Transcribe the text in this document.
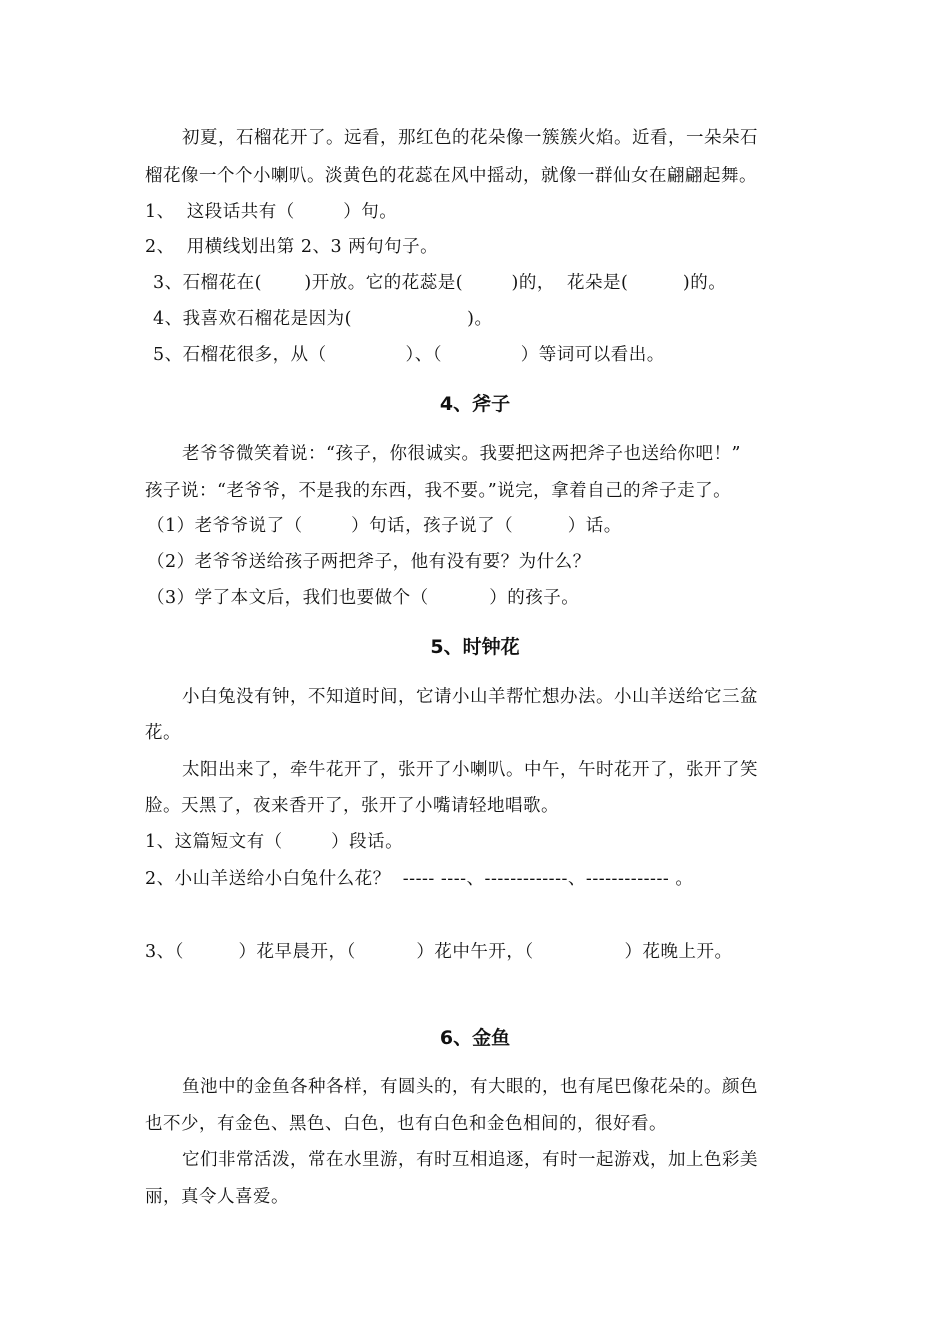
初夏，石榴花开了。远看，那红色的花朵像一簇簇火焰。近看，一朵朵石
榴花像一个个小喇叭。淡黄色的花蕊在风中摇动，就像一群仙女在翩翩起舞。
1、  这段话共有（        ）句。
2、  用横线划出第 2、3 两句句子。
3、石榴花在(       )开放。它的花蕊是(        )的，  花朵是(         )的。
4、我喜欢石榴花是因为(                   )。
5、石榴花很多，从（             ）、（             ）等词可以看出。
4、斧子
老爷爷微笑着说：“孩子，你很诚实。我要把这两把斧子也送给你吧！”
孩子说：“老爷爷，不是我的东西，我不要。”说完，拿着自己的斧子走了。
（1）老爷爷说了（        ）句话，孩子说了（         ）话。
（2）老爷爷送给孩子两把斧子，他有没有要？为什么？
（3）学了本文后，我们也要做个（          ）的孩子。
5、时钟花
小白兔没有钟，不知道时间，它请小山羊帮忙想办法。小山羊送给它三盆
花。
太阳出来了，牵牛花开了，张开了小喇叭。中午，午时花开了，张开了笑
脸。天黑了，夜来香开了，张开了小嘴请轻地唱歌。
1、这篇短文有（        ）段话。
2、小山羊送给小白兔什么花？  ----- ----、-------------、------------- 。
3、（         ）花早晨开，（          ）花中午开，（               ）花晚上开。
6、金鱼
鱼池中的金鱼各种各样，有圆头的，有大眼的，也有尾巴像花朵的。颜色
也不少，有金色、黑色、白色，也有白色和金色相间的，很好看。
它们非常活泼，常在水里游，有时互相追逐，有时一起游戏，加上色彩美
丽，真令人喜爱。
